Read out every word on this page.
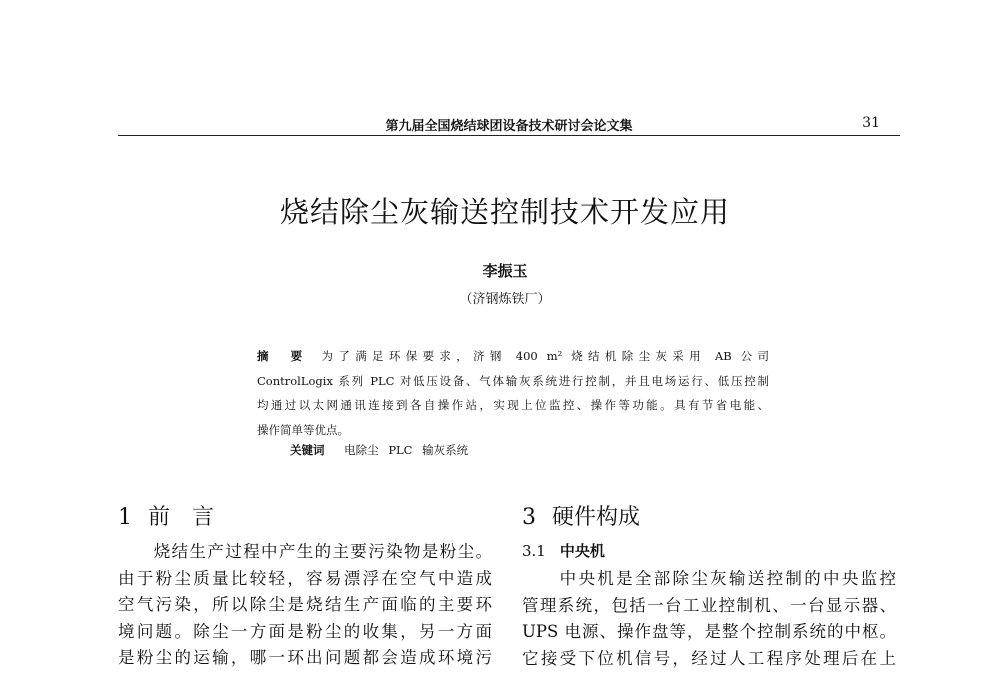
第九届全国烧结球团设备技术研讨会论文集	31
烧结除尘灰输送控制技术开发应用
李振玉
（济钢炼铁厂）
摘　要 为了满足环保要求，济钢 400 m² 烧结机除尘灰采用 AB 公司
ControlLogix 系列 PLC 对低压设备、气体输灰系统进行控制，并且电场运行、低压控制
均通过以太网通讯连接到各自操作站，实现上位监控、操作等功能。具有节省电能、
操作简单等优点。
关键词 电除尘 PLC 输灰系统
1 前　言
　　烧结生产过程中产生的主要污染物是粉尘。
由于粉尘质量比较轻，容易漂浮在空气中造成
空气污染，所以除尘是烧结生产面临的主要环
境问题。除尘一方面是粉尘的收集，另一方面
是粉尘的运输，哪一环出问题都会造成环境污
3 硬件构成
3.1 中央机
　　中央机是全部除尘灰输送控制的中央监控
管理系统，包括一台工业控制机、一台显示器、
UPS 电源、操作盘等，是整个控制系统的中枢。
它接受下位机信号，经过人工程序处理后在上
